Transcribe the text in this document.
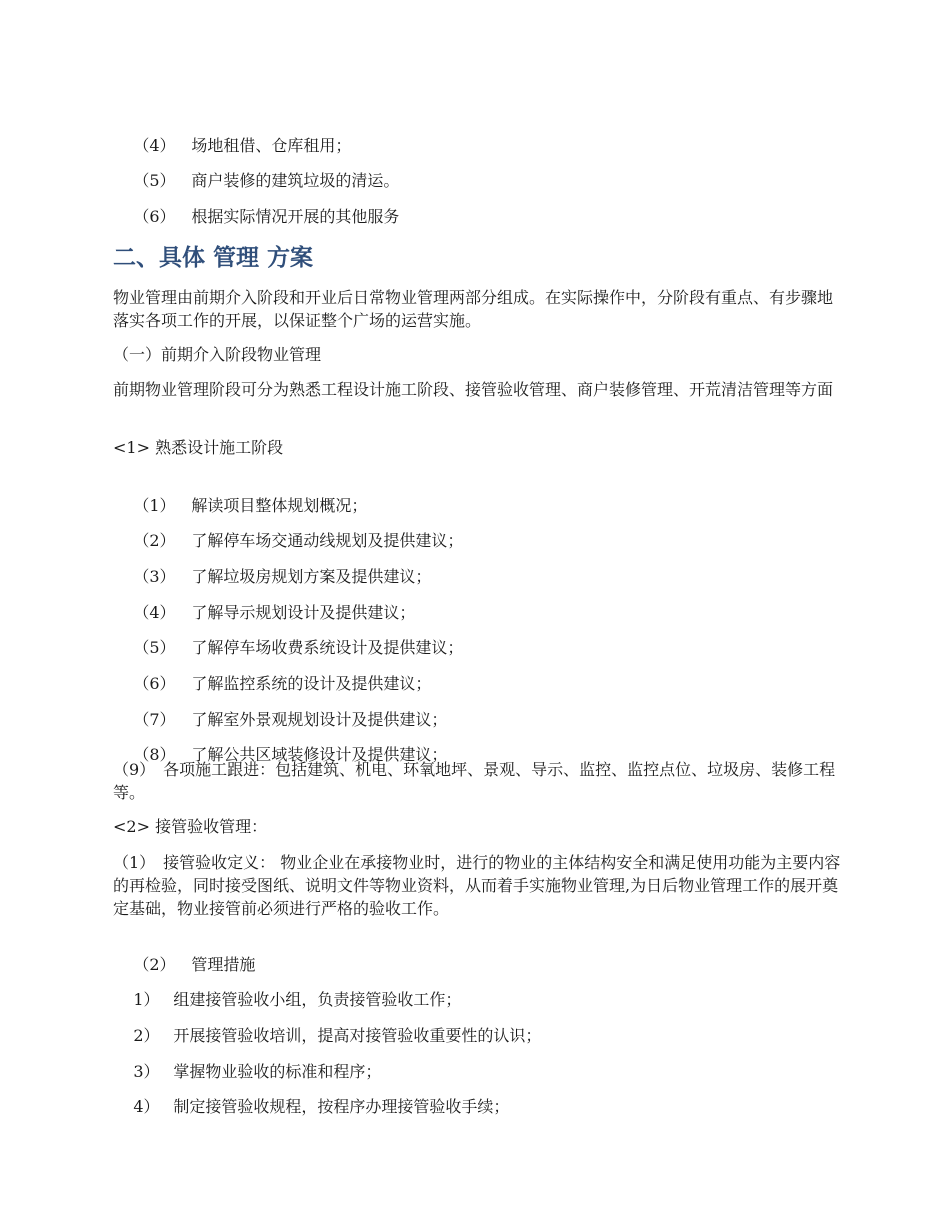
（4） 场地租借、仓库租用；

（5） 商户装修的建筑垃圾的清运。

（6） 根据实际情况开展的其他服务

二、具体 管理 方案
物业管理由前期介入阶段和开业后日常物业管理两部分组成。在实际操作中，分阶段有重点、有步骤地落实各项工作的开展，以保证整个广场的运营实施。
（一）前期介入阶段物业管理
前期物业管理阶段可分为熟悉工程设计施工阶段、接管验收管理、商户装修管理、开荒清洁管理等方面
<1> 熟悉设计施工阶段

（1） 解读项目整体规划概况；

（2） 了解停车场交通动线规划及提供建议；

（3） 了解垃圾房规划方案及提供建议；

（4） 了解导示规划设计及提供建议；

（5） 了解停车场收费系统设计及提供建议；

（6） 了解监控系统的设计及提供建议；

（7） 了解室外景观规划设计及提供建议；

（8） 了解公共区域装修设计及提供建议；

（9）　各项施工跟进：包括建筑、机电、环氧地坪、景观、导示、监控、监控点位、垃圾房、装修工程等。
<2> 接管验收管理：
（1）　接管验收定义： 物业企业在承接物业时，进行的物业的主体结构安全和满足使用功能为主要内容的再检验，同时接受图纸、说明文件等物业资料，从而着手实施物业管理,为日后物业管理工作的展开奠定基础，物业接管前必须进行严格的验收工作。

（2） 管理措施

1） 组建接管验收小组，负责接管验收工作；

2） 开展接管验收培训，提高对接管验收重要性的认识；

3） 掌握物业验收的标准和程序；

4） 制定接管验收规程，按程序办理接管验收手续；
